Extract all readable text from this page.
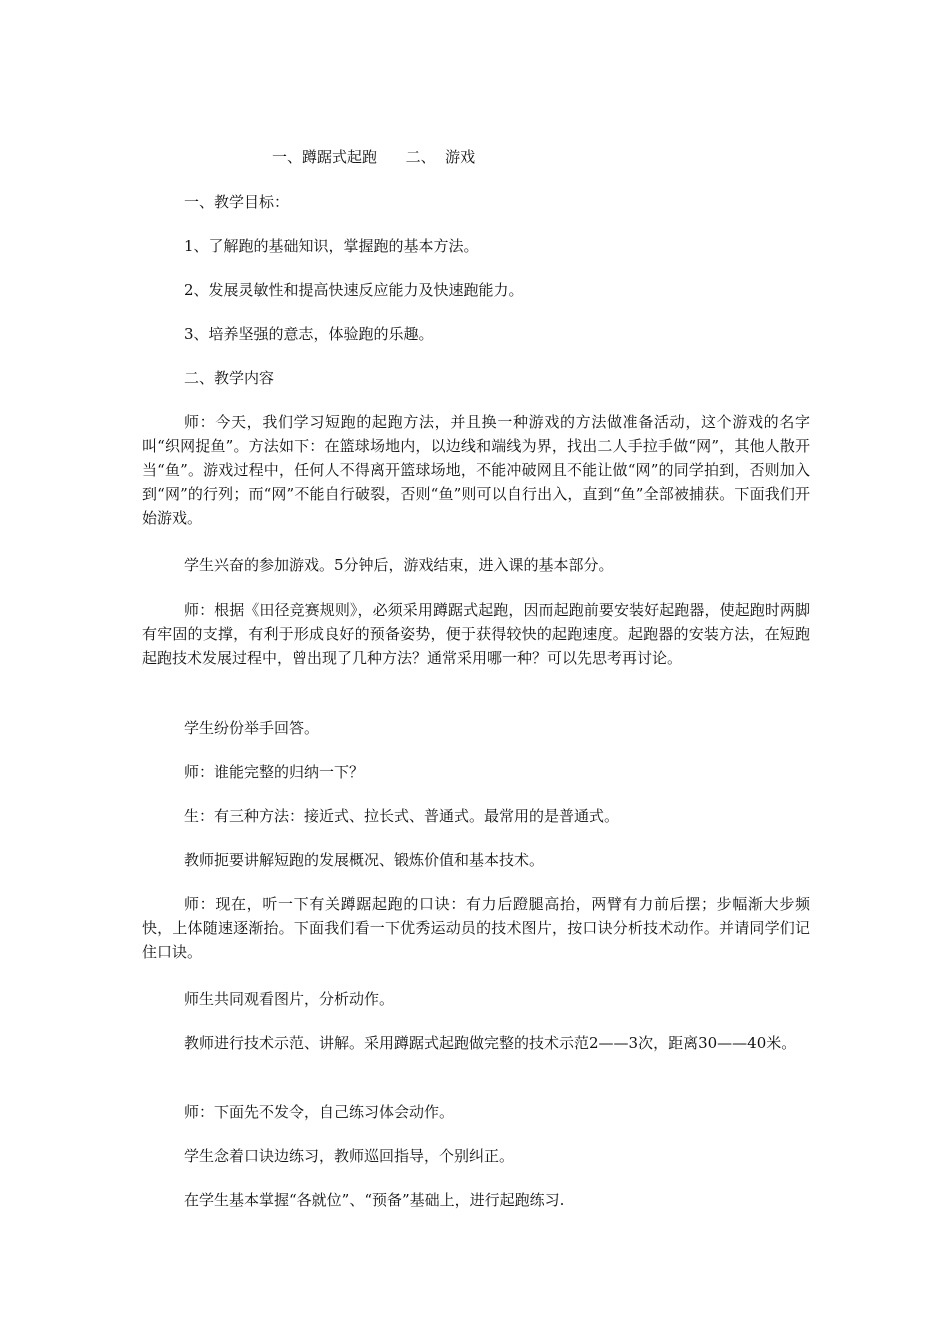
一、蹲踞式起跑      二、  游戏

一、教学目标：

1、了解跑的基础知识，掌握跑的基本方法。

2、发展灵敏性和提高快速反应能力及快速跑能力。

3、培养坚强的意志，体验跑的乐趣。

二、教学内容

师：今天，我们学习短跑的起跑方法，并且换一种游戏的方法做准备活动，这个游戏的名字叫“织网捉鱼”。方法如下：在篮球场地内，以边线和端线为界，找出二人手拉手做“网”，其他人散开当“鱼”。游戏过程中，任何人不得离开篮球场地，不能冲破网且不能让做“网”的同学拍到，否则加入到“网”的行列；而“网”不能自行破裂，否则“鱼”则可以自行出入，直到“鱼”全部被捕获。下面我们开始游戏。

学生兴奋的参加游戏。5分钟后，游戏结束，进入课的基本部分。

师：根据《田径竞赛规则》，必须采用蹲踞式起跑，因而起跑前要安装好起跑器，使起跑时两脚有牢固的支撑，有利于形成良好的预备姿势，便于获得较快的起跑速度。起跑器的安装方法，在短跑起跑技术发展过程中，曾出现了几种方法？通常采用哪一种？可以先思考再讨论。

学生纷份举手回答。

师：谁能完整的归纳一下？

生：有三种方法：接近式、拉长式、普通式。最常用的是普通式。

教师扼要讲解短跑的发展概况、锻炼价值和基本技术。

师：现在，听一下有关蹲踞起跑的口诀：有力后蹬腿高抬，两臂有力前后摆；步幅渐大步频快，上体随速逐渐抬。下面我们看一下优秀运动员的技术图片，按口诀分析技术动作。并请同学们记住口诀。

师生共同观看图片，分析动作。

教师进行技术示范、讲解。采用蹲踞式起跑做完整的技术示范2——3次，距离30——40米。

师：下面先不发令，自己练习体会动作。

学生念着口诀边练习，教师巡回指导，个别纠正。

在学生基本掌握“各就位”、“预备”基础上，进行起跑练习.
